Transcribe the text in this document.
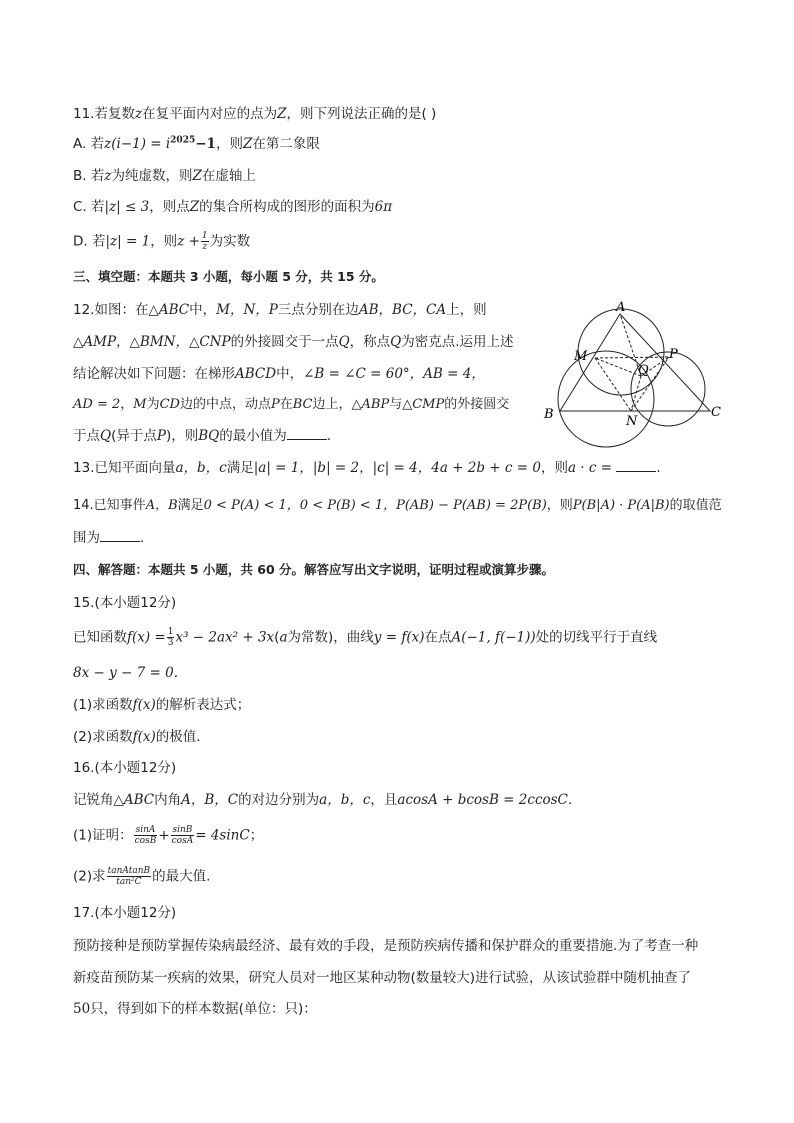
11.若复数z在复平面内对应的点为Z，则下列说法正确的是( )
A. 若$z(i-1) = i^{2025}-1$，则Z在第二象限
B. 若z为纯虚数，则Z在虚轴上
C. 若|z| ≤ 3，则点Z的集合所构成的图形的面积为6π
D. 若|z| = 1，则$z + \frac{1}{z}$ 为实数
三、填空题：本题共 3 小题，每小题 5 分，共 15 分。
12.如图：在△ABC中，M，N，P三点分别在边AB，BC，CA上，则
△AMP，△BMN，△CNP的外接圆交于一点Q，称点Q为密克点.运用上述
结论解决如下问题：在梯形ABCD中，∠B = ∠C = 60°，AB = 4，
AD = 2，M为CD边的中点，动点P在BC边上，△ABP与△CMP的外接圆交
于点Q(异于点P)，则BQ的最小值为	.
A
M	P
Q
B	N
C
13.已知平面向量a，b，c满足|a| = 1，|b| = 2，|c| = 4，4a + 2b + c = 0，则a · c =	.
14.已知事件A，B满足0 < P(A) < 1，0 < P(B) < 1，P(AB) − P(AB) = 2P(B)，则P(B|A) · P(A|B)的取值范
围为	.
四、解答题：本题共 5 小题，共 60 分。解答应写出文字说明，证明过程或演算步骤。
15.(本小题12分)
已知函数$f(x) = \frac{1}{3} x^3 - 2ax^2 + 3x(a$为常数)，曲线y = f(x)在点A(−1, f(−1))处的切线平行于直线
8x − y − 7 = 0.
(1)求函数f(x)的解析表达式；
(2)求函数f(x)的极值.
16.(本小题12分)
记锐角△ABC内角A，B，C的对边分别为a，b，c，且acosA + bcosB = 2ccosC.
(1)证明： $\frac{\sin A}{\cos B} + \frac{\sin B}{\cos A} = 4\sin C$；
(2)求 $\frac{\text{tanAtanB}}{\text{tan²C}}$ 的最大值.
17.(本小题12分)
预防接种是预防掌握传染病最经济、最有效的手段，是预防疾病传播和保护群众的重要措施.为了考查一种
新疫苗预防某一疾病的效果，研究人员对一地区某种动物(数量较大)进行试验，从该试验群中随机抽查了
50只，得到如下的样本数据(单位：只)：
